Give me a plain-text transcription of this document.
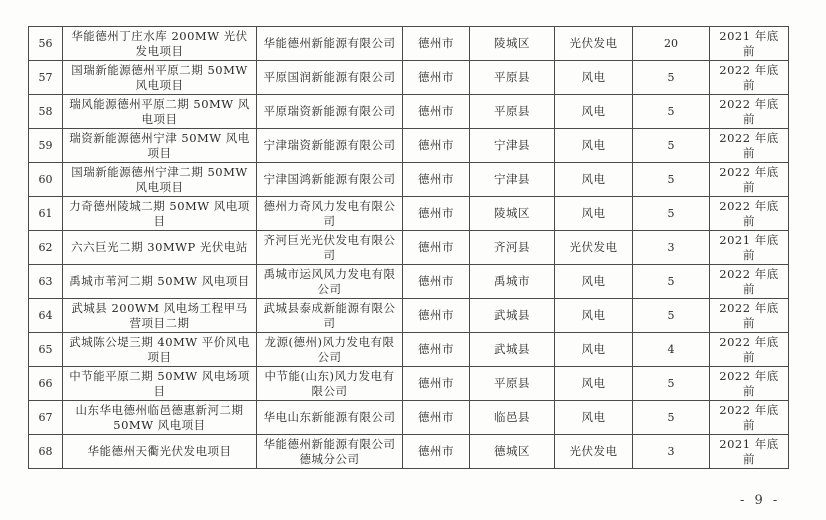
56	华能德州丁庄水库 200MW 光伏发电项目	华能德州新能源有限公司	德州市	陵城区	光伏发电	20	2021 年底前
57	国瑞新能源德州平原二期 50MW 风电项目	平原国润新能源有限公司	德州市	平原县	风电	5	2022 年底前
58	瑞风能源德州平原二期 50MW 风电项目	平原瑞资新能源有限公司	德州市	平原县	风电	5	2022 年底前
59	瑞资新能源德州宁津 50MW 风电项目	宁津瑞资新能源有限公司	德州市	宁津县	风电	5	2022 年底前
60	国瑞新能源德州宁津二期 50MW 风电项目	宁津国鸿新能源有限公司	德州市	宁津县	风电	5	2022 年底前
61	力奇德州陵城二期 50MW 风电项目	德州力奇风力发电有限公司	德州市	陵城区	风电	5	2022 年底前
62	六六巨光二期 30MWP 光伏电站	齐河巨光光伏发电有限公司	德州市	齐河县	光伏发电	3	2021 年底前
63	禹城市苇河二期 50MW 风电项目	禹城市运风风力发电有限公司	德州市	禹城市	风电	5	2022 年底前
64	武城县 200WM 风电场工程甲马营项目二期	武城县泰成新能源有限公司	德州市	武城县	风电	5	2022 年底前
65	武城陈公堤三期 40MW 平价风电项目	龙源(德州)风力发电有限公司	德州市	武城县	风电	4	2022 年底前
66	中节能平原二期 50MW 风电场项目	中节能(山东)风力发电有限公司	德州市	平原县	风电	5	2022 年底前
67	山东华电德州临邑德惠新河二期 50MW 风电项目	华电山东新能源有限公司	德州市	临邑县	风电	5	2022 年底前
68	华能德州天衢光伏发电项目	华能德州新能源有限公司德城分公司	德州市	德城区	光伏发电	3	2021 年底前
- 9 -
